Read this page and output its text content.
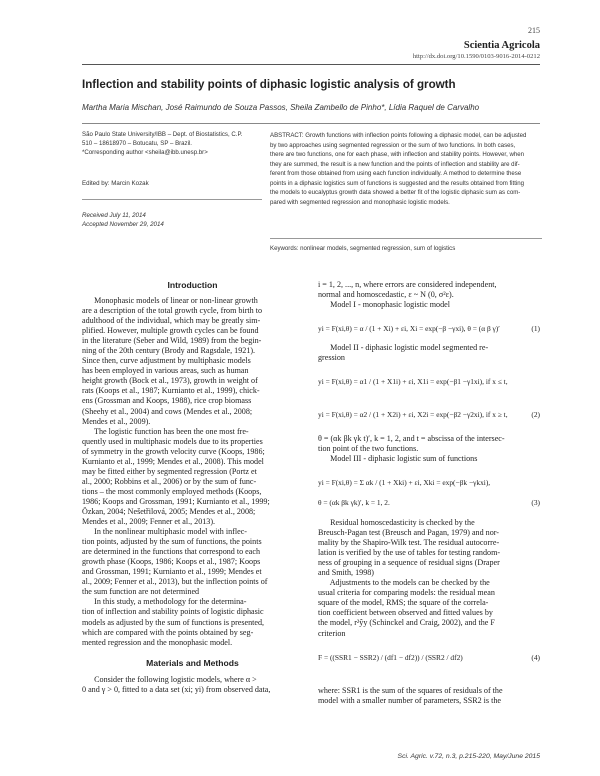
215
Scientia Agricola
http://dx.doi.org/10.1590/0103-9016-2014-0212
Inflection and stability points of diphasic logistic analysis of growth
Martha Maria Mischan, José Raimundo de Souza Passos, Sheila Zambello de Pinho*, Lídia Raquel de Carvalho
São Paulo State University/IBB – Dept. of Biostatistics, C.P.
510 – 18618970 – Botucatu, SP – Brazil.
*Corresponding author <sheila@ibb.unesp.br>
Edited by: Marcin Kozak
Received July 11, 2014
Accepted November 29, 2014
ABSTRACT: Growth functions with inflection points following a diphasic model, can be adjusted
by two approaches using segmented regression or the sum of two functions. In both cases,
there are two functions, one for each phase, with inflection and stability points. However, when
they are summed, the result is a new function and the points of inflection and stability are dif-
ferent from those obtained from using each function individually. A method to determine these
points in a diphasic logistics sum of functions is suggested and the results obtained from fitting
the models to eucalyptus growth data showed a better fit of the logistic diphasic sum as com-
pared with segmented regression and monophasic logistic models.
Keywords: nonlinear models, segmented regression, sum of logistics
Introduction
Monophasic models of linear or non-linear growth
are a description of the total growth cycle, from birth to
adulthood of the individual, which may be greatly sim-
plified. However, multiple growth cycles can be found
in the literature (Seber and Wild, 1989) from the begin-
ning of the 20th century (Brody and Ragsdale, 1921).
Since then, curve adjustment by multiphasic models
has been employed in various areas, such as human
height growth (Bock et al., 1973), growth in weight of
rats (Koops et al., 1987; Kurnianto et al., 1999), chick-
ens (Grossman and Koops, 1988), rice crop biomass
(Sheehy et al., 2004) and cows (Mendes et al., 2008;
Mendes et al., 2009).
The logistic function has been the one most fre-
quently used in multiphasic models due to its properties
of symmetry in the growth velocity curve (Koops, 1986;
Kurnianto et al., 1999; Mendes et al., 2008). This model
may be fitted either by segmented regression (Portz et
al., 2000; Robbins et al., 2006) or by the sum of func-
tions – the most commonly employed methods (Koops,
1986; Koops and Grossman, 1991; Kurnianto et al., 1999;
Özkan, 2004; Nešetřilová, 2005; Mendes et al., 2008;
Mendes et al., 2009; Fenner et al., 2013).
In the nonlinear multiphasic model with inflec-
tion points, adjusted by the sum of functions, the points
are determined in the functions that correspond to each
growth phase (Koops, 1986; Koops et al., 1987; Koops
and Grossman, 1991; Kurnianto et al., 1999; Mendes et
al., 2009; Fenner et al., 2013), but the inflection points of
the sum function are not determined
In this study, a methodology for the determina-
tion of inflection and stability points of logistic diphasic
models as adjusted by the sum of functions is presented,
which are compared with the points obtained by seg-
mented regression and the monophasic model.
Materials and Methods
Consider the following logistic models, where α >
0 and γ > 0, fitted to a data set (xi; yi) from observed data,
i = 1, 2, ..., n, where errors are considered independent,
normal and homoscedastic, ε ~ N (0, σ²ε).
Model I - monophasic logistic model
yi = F(xi,θ) = α / (1 + Xi) + εi, Xi = exp(−β −γxi), θ = (α β γ)′	(1)
Model II - diphasic logistic model segmented re-
gression
yi = F(xi,θ) = α1 / (1 + X1i) + εi, X1i = exp(−β1 −γ1xi), if x ≤ t,
yi = F(xi,θ) = α2 / (1 + X2i) + εi, X2i = exp(−β2 −γ2xi), if x ≥ t,	(2)
θ = (αk βk γk t)′, k = 1, 2, and t = abscissa of the intersec-
tion point of the two functions.
Model III - diphasic logistic sum of functions
yi = F(xi,θ) = Σ αk / (1 + Xki) + εi, Xki = exp(−βk −γkxi),
θ = (αk βk γk)′, k = 1, 2.	(3)
Residual homoscedasticity is checked by the
Breusch-Pagan test (Breusch and Pagan, 1979) and nor-
mality by the Shapiro-Wilk test. The residual autocorre-
lation is verified by the use of tables for testing random-
ness of grouping in a sequence of residual signs (Draper
and Smith, 1998)
Adjustments to the models can be checked by the
usual criteria for comparing models: the residual mean
square of the model, RMS; the square of the correla-
tion coefficient between observed and fitted values by
the model, r²ŷy (Schinckel and Craig, 2002), and the F
criterion
F = ((SSR1 − SSR2) / (df1 − df2)) / (SSR2 / df2)	(4)
where: SSR1 is the sum of the squares of residuals of the
model with a smaller number of parameters, SSR2 is the
Sci. Agric. v.72, n.3, p.215-220, May/June 2015
